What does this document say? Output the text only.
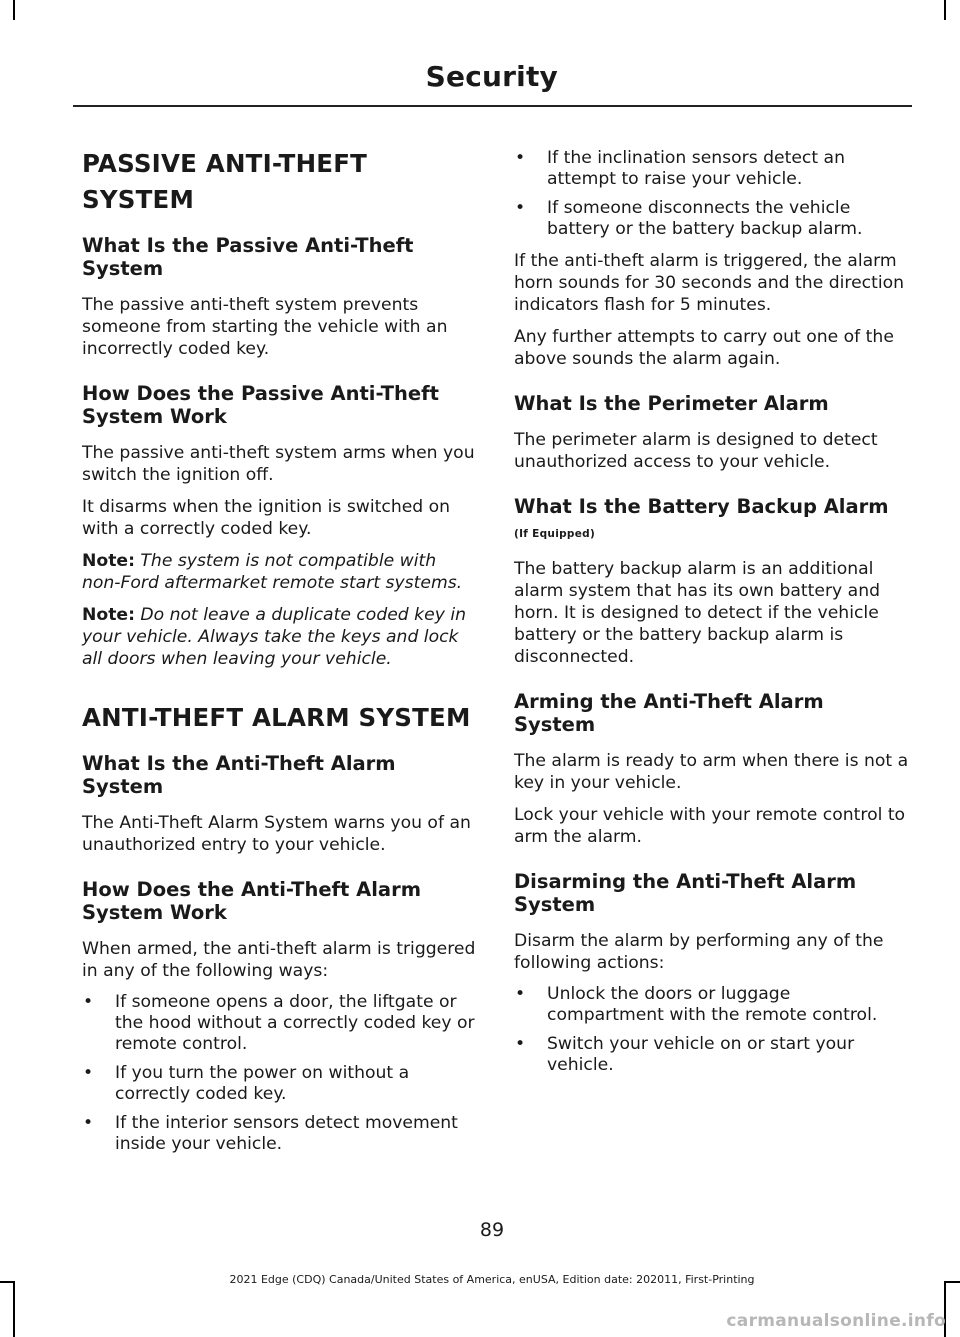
Security
PASSIVE ANTI-THEFT
SYSTEM
What Is the Passive Anti-Theft System
The passive anti-theft system prevents someone from starting the vehicle with an incorrectly coded key.
How Does the Passive Anti-Theft System Work
The passive anti-theft system arms when you switch the ignition off.
It disarms when the ignition is switched on with a correctly coded key.
Note: The system is not compatible with non-Ford aftermarket remote start systems.
Note: Do not leave a duplicate coded key in your vehicle. Always take the keys and lock all doors when leaving your vehicle.
ANTI-THEFT ALARM SYSTEM
What Is the Anti-Theft Alarm System
The Anti-Theft Alarm System warns you of an unauthorized entry to your vehicle.
How Does the Anti-Theft Alarm System Work
When armed, the anti-theft alarm is triggered in any of the following ways:
• If someone opens a door, the liftgate or the hood without a correctly coded key or remote control.
• If you turn the power on without a correctly coded key.
• If the interior sensors detect movement inside your vehicle.
• If the inclination sensors detect an attempt to raise your vehicle.
• If someone disconnects the vehicle battery or the battery backup alarm.
If the anti-theft alarm is triggered, the alarm horn sounds for 30 seconds and the direction indicators flash for 5 minutes.
Any further attempts to carry out one of the above sounds the alarm again.
What Is the Perimeter Alarm
The perimeter alarm is designed to detect unauthorized access to your vehicle.
What Is the Battery Backup Alarm
(If Equipped)
The battery backup alarm is an additional alarm system that has its own battery and horn. It is designed to detect if the vehicle battery or the battery backup alarm is disconnected.
Arming the Anti-Theft Alarm System
The alarm is ready to arm when there is not a key in your vehicle.
Lock your vehicle with your remote control to arm the alarm.
Disarming the Anti-Theft Alarm System
Disarm the alarm by performing any of the following actions:
• Unlock the doors or luggage compartment with the remote control.
• Switch your vehicle on or start your vehicle.
89
2021 Edge (CDQ) Canada/United States of America, enUSA, Edition date: 202011, First-Printing
carmanualsonline.info
